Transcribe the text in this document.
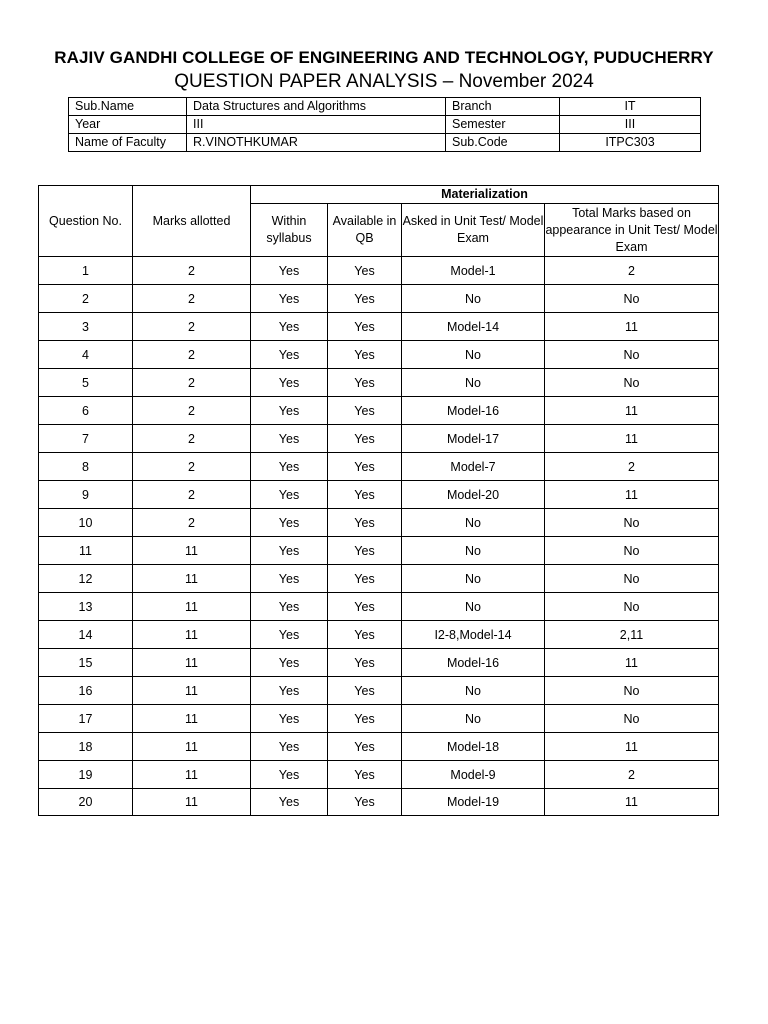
RAJIV GANDHI COLLEGE OF ENGINEERING AND TECHNOLOGY, PUDUCHERRY
QUESTION PAPER ANALYSIS – November 2024
Sub.Name	Data Structures and Algorithms	Branch	IT
Year	III	Semester	III
Name of Faculty	R.VINOTHKUMAR	Sub.Code	ITPC303
Question No.	Marks allotted	Materialization			
		Within syllabus	Available in QB	Asked in Unit Test/ Model Exam	Total Marks based on appearance in Unit Test/ Model Exam
1	2	Yes	Yes	Model-1	2
2	2	Yes	Yes	No	No
3	2	Yes	Yes	Model-14	11
4	2	Yes	Yes	No	No
5	2	Yes	Yes	No	No
6	2	Yes	Yes	Model-16	11
7	2	Yes	Yes	Model-17	11
8	2	Yes	Yes	Model-7	2
9	2	Yes	Yes	Model-20	11
10	2	Yes	Yes	No	No
11	11	Yes	Yes	No	No
12	11	Yes	Yes	No	No
13	11	Yes	Yes	No	No
14	11	Yes	Yes	I2-8,Model-14	2,11
15	11	Yes	Yes	Model-16	11
16	11	Yes	Yes	No	No
17	11	Yes	Yes	No	No
18	11	Yes	Yes	Model-18	11
19	11	Yes	Yes	Model-9	2
20	11	Yes	Yes	Model-19	11
